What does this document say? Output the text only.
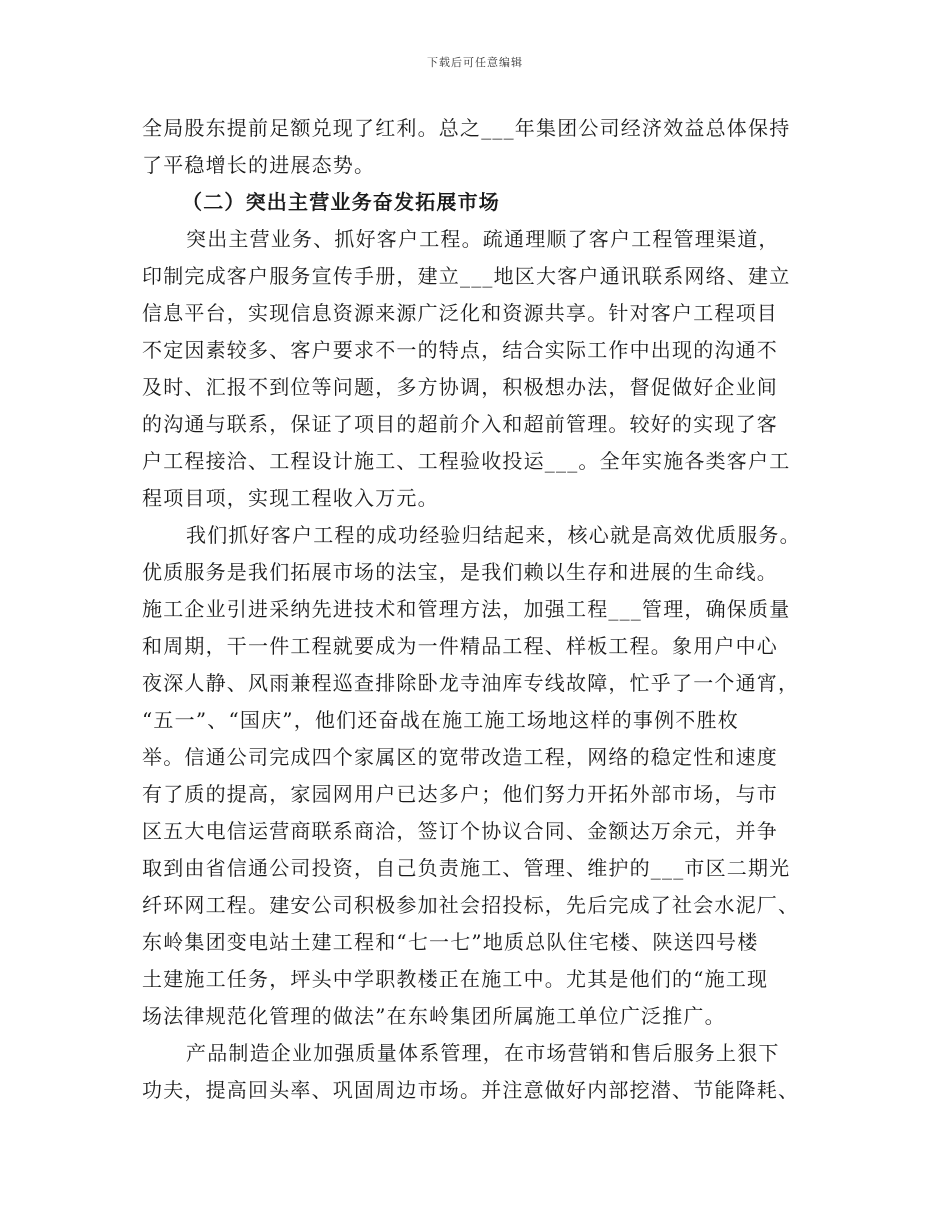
下载后可任意编辑
全局股东提前足额兑现了红利。总之___年集团公司经济效益总体保持
了平稳增长的进展态势。
（二）突出主营业务奋发拓展市场
突出主营业务、抓好客户工程。疏通理顺了客户工程管理渠道，
印制完成客户服务宣传手册，建立___地区大客户通讯联系网络、建立
信息平台，实现信息资源来源广泛化和资源共享。针对客户工程项目
不定因素较多、客户要求不一的特点，结合实际工作中出现的沟通不
及时、汇报不到位等问题，多方协调，积极想办法，督促做好企业间
的沟通与联系，保证了项目的超前介入和超前管理。较好的实现了客
户工程接洽、工程设计施工、工程验收投运___。全年实施各类客户工
程项目项，实现工程收入万元。
我们抓好客户工程的成功经验归结起来，核心就是高效优质服务。
优质服务是我们拓展市场的法宝，是我们赖以生存和进展的生命线。
施工企业引进采纳先进技术和管理方法，加强工程___管理，确保质量
和周期，干一件工程就要成为一件精品工程、样板工程。象用户中心
夜深人静、风雨兼程巡查排除卧龙寺油库专线故障，忙乎了一个通宵，
“五一”、“国庆”，他们还奋战在施工施工场地这样的事例不胜枚
举。信通公司完成四个家属区的宽带改造工程，网络的稳定性和速度
有了质的提高，家园网用户已达多户；他们努力开拓外部市场，与市
区五大电信运营商联系商洽，签订个协议合同、金额达万余元，并争
取到由省信通公司投资，自己负责施工、管理、维护的___市区二期光
纤环网工程。建安公司积极参加社会招投标，先后完成了社会水泥厂、
东岭集团变电站土建工程和“七一七”地质总队住宅楼、陕送四号楼
土建施工任务，坪头中学职教楼正在施工中。尤其是他们的“施工现
场法律规范化管理的做法”在东岭集团所属施工单位广泛推广。
产品制造企业加强质量体系管理，在市场营销和售后服务上狠下
功夫，提高回头率、巩固周边市场。并注意做好内部挖潜、节能降耗、
